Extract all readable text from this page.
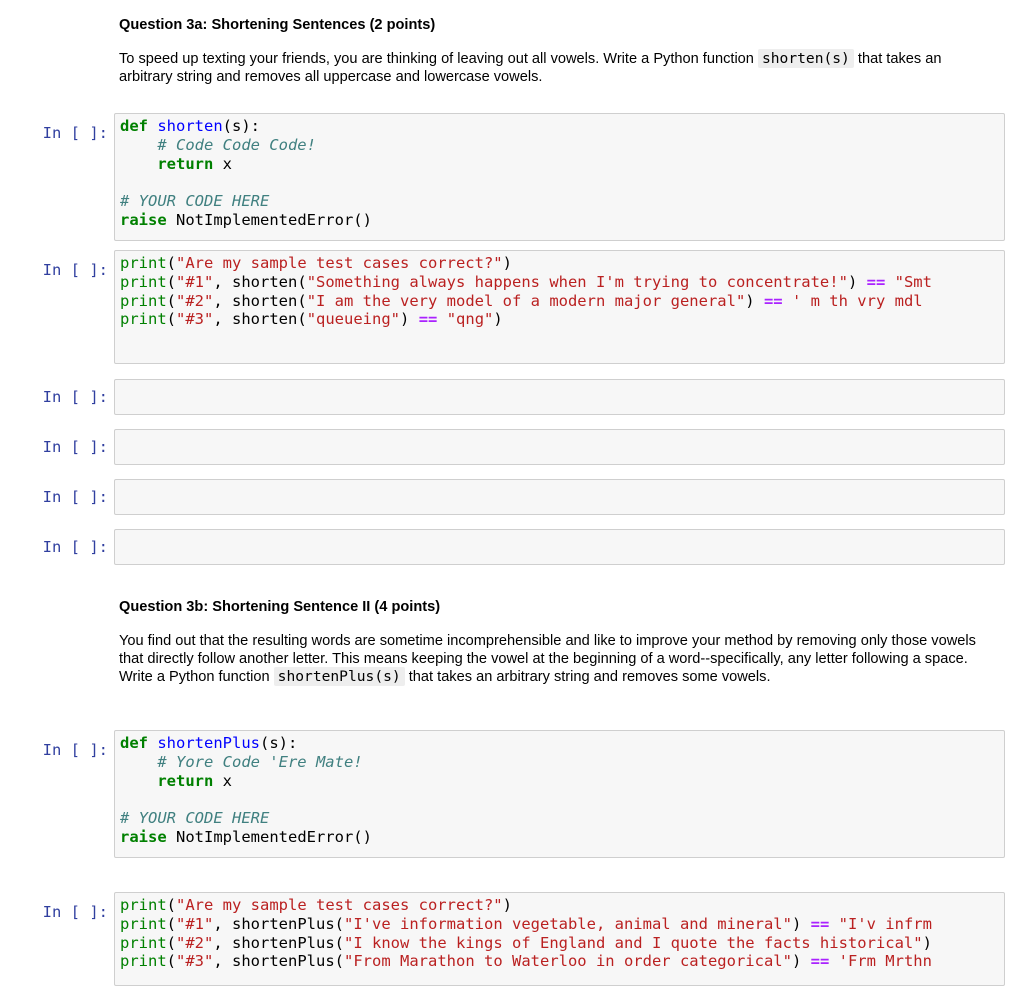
Question 3a: Shortening Sentences (2 points)

To speed up texting your friends, you are thinking of leaving out all vowels. Write a Python function shorten(s) that takes an arbitrary string and removes all uppercase and lowercase vowels.

In [ ]: def shorten(s):
# Code Code Code!
return x

# YOUR CODE HERE
raise NotImplementedError()
In [ ]: print("Are my sample test cases correct?")
print("#1", shorten("Something always happens when I'm trying to concentrate!") == "Smt
print("#2", shorten("I am the very model of a modern major general") == ' m th vry mdl
print("#3", shorten("queueing") == "qng")
In [ ]:
In [ ]:
In [ ]:
In [ ]:
Question 3b: Shortening Sentence II (4 points)

You find out that the resulting words are sometime incomprehensible and like to improve your method by removing only those vowels that directly follow another letter. This means keeping the vowel at the beginning of a word--specifically, any letter following a space. Write a Python function shortenPlus(s) that takes an arbitrary string and removes some vowels.

In [ ]: def shortenPlus(s):
# Yore Code 'Ere Mate!
return x

# YOUR CODE HERE
raise NotImplementedError()
In [ ]: print("Are my sample test cases correct?")
print("#1", shortenPlus("I've information vegetable, animal and mineral") == "I'v infrm
print("#2", shortenPlus("I know the kings of England and I quote the facts historical")
print("#3", shortenPlus("From Marathon to Waterloo in order categorical") == 'Frm Mrthn
